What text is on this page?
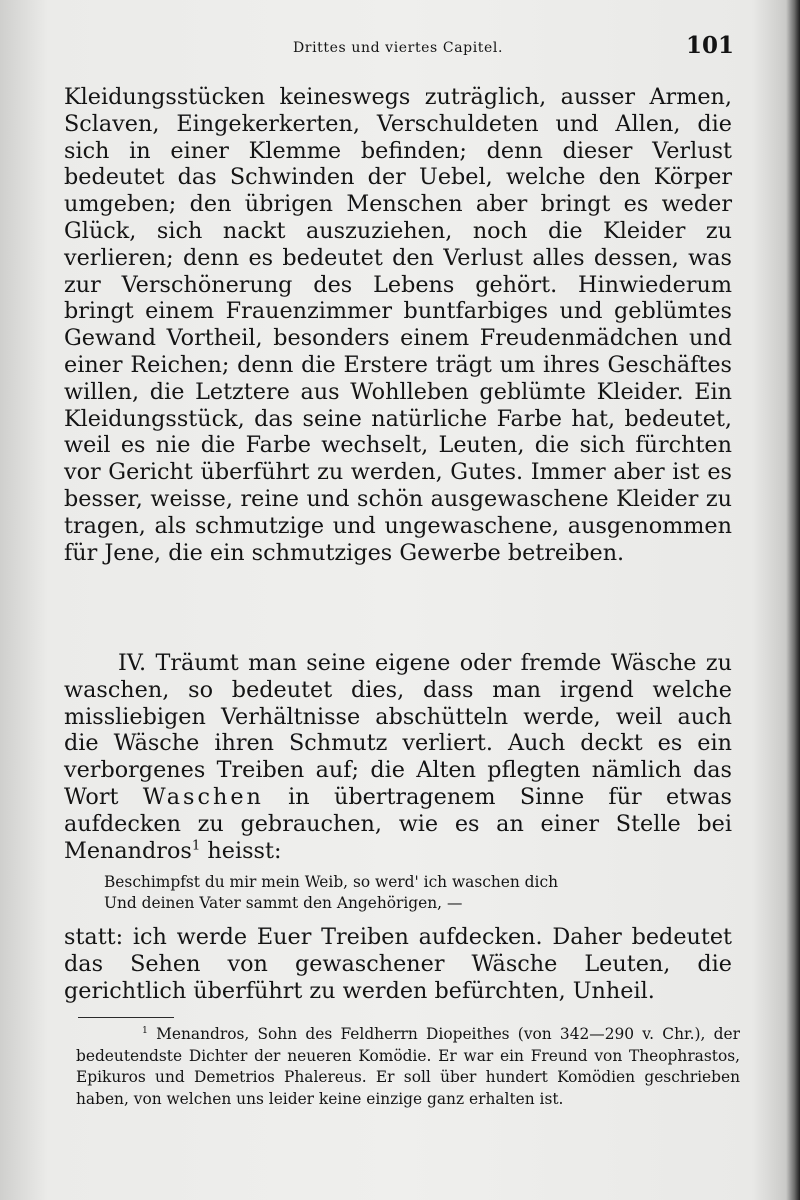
Drittes und viertes Capitel.	101

Kleidungsstücken keineswegs zuträglich, ausser Armen, Sclaven, Eingekerkerten, Verschuldeten und Allen, die sich in einer Klemme befinden; denn dieser Verlust bedeutet das Schwinden der Uebel, welche den Körper umgeben; den übrigen Menschen aber bringt es weder Glück, sich nackt auszuziehen, noch die Kleider zu verlieren; denn es bedeutet den Verlust alles dessen, was zur Verschönerung des Lebens gehört. Hinwiederum bringt einem Frauenzimmer buntfarbiges und geblümtes Gewand Vortheil, besonders einem Freudenmädchen und einer Reichen; denn die Erstere trägt um ihres Geschäftes willen, die Letztere aus Wohlleben geblümte Kleider. Ein Kleidungsstück, das seine natürliche Farbe hat, bedeutet, weil es nie die Farbe wechselt, Leuten, die sich fürchten vor Gericht überführt zu werden, Gutes. Immer aber ist es besser, weisse, reine und schön ausgewaschene Kleider zu tragen, als schmutzige und ungewaschene, ausgenommen für Jene, die ein schmutziges Gewerbe betreiben.

IV. Träumt man seine eigene oder fremde Wäsche zu waschen, so bedeutet dies, dass man irgend welche missliebigen Verhältnisse abschütteln werde, weil auch die Wäsche ihren Schmutz verliert. Auch deckt es ein verborgenes Treiben auf; die Alten pflegten nämlich das Wort Waschen in übertragenem Sinne für etwas aufdecken zu gebrauchen, wie es an einer Stelle bei Menandros$^1$ heisst:

Beschimpfst du mir mein Weib, so werd' ich waschen dich
Und deinen Vater sammt den Angehörigen, —

statt: ich werde Euer Treiben aufdecken. Daher bedeutet das Sehen von gewaschener Wäsche Leuten, die gerichtlich überführt zu werden befürchten, Unheil.

$^1$ Menandros, Sohn des Feldherrn Diopeithes (von 342—290 v. Chr.), der bedeutendste Dichter der neueren Komödie. Er war ein Freund von Theophrastos, Epikuros und Demetrios Phalereus. Er soll über hundert Komödien geschrieben haben, von welchen uns leider keine einzige ganz erhalten ist.
